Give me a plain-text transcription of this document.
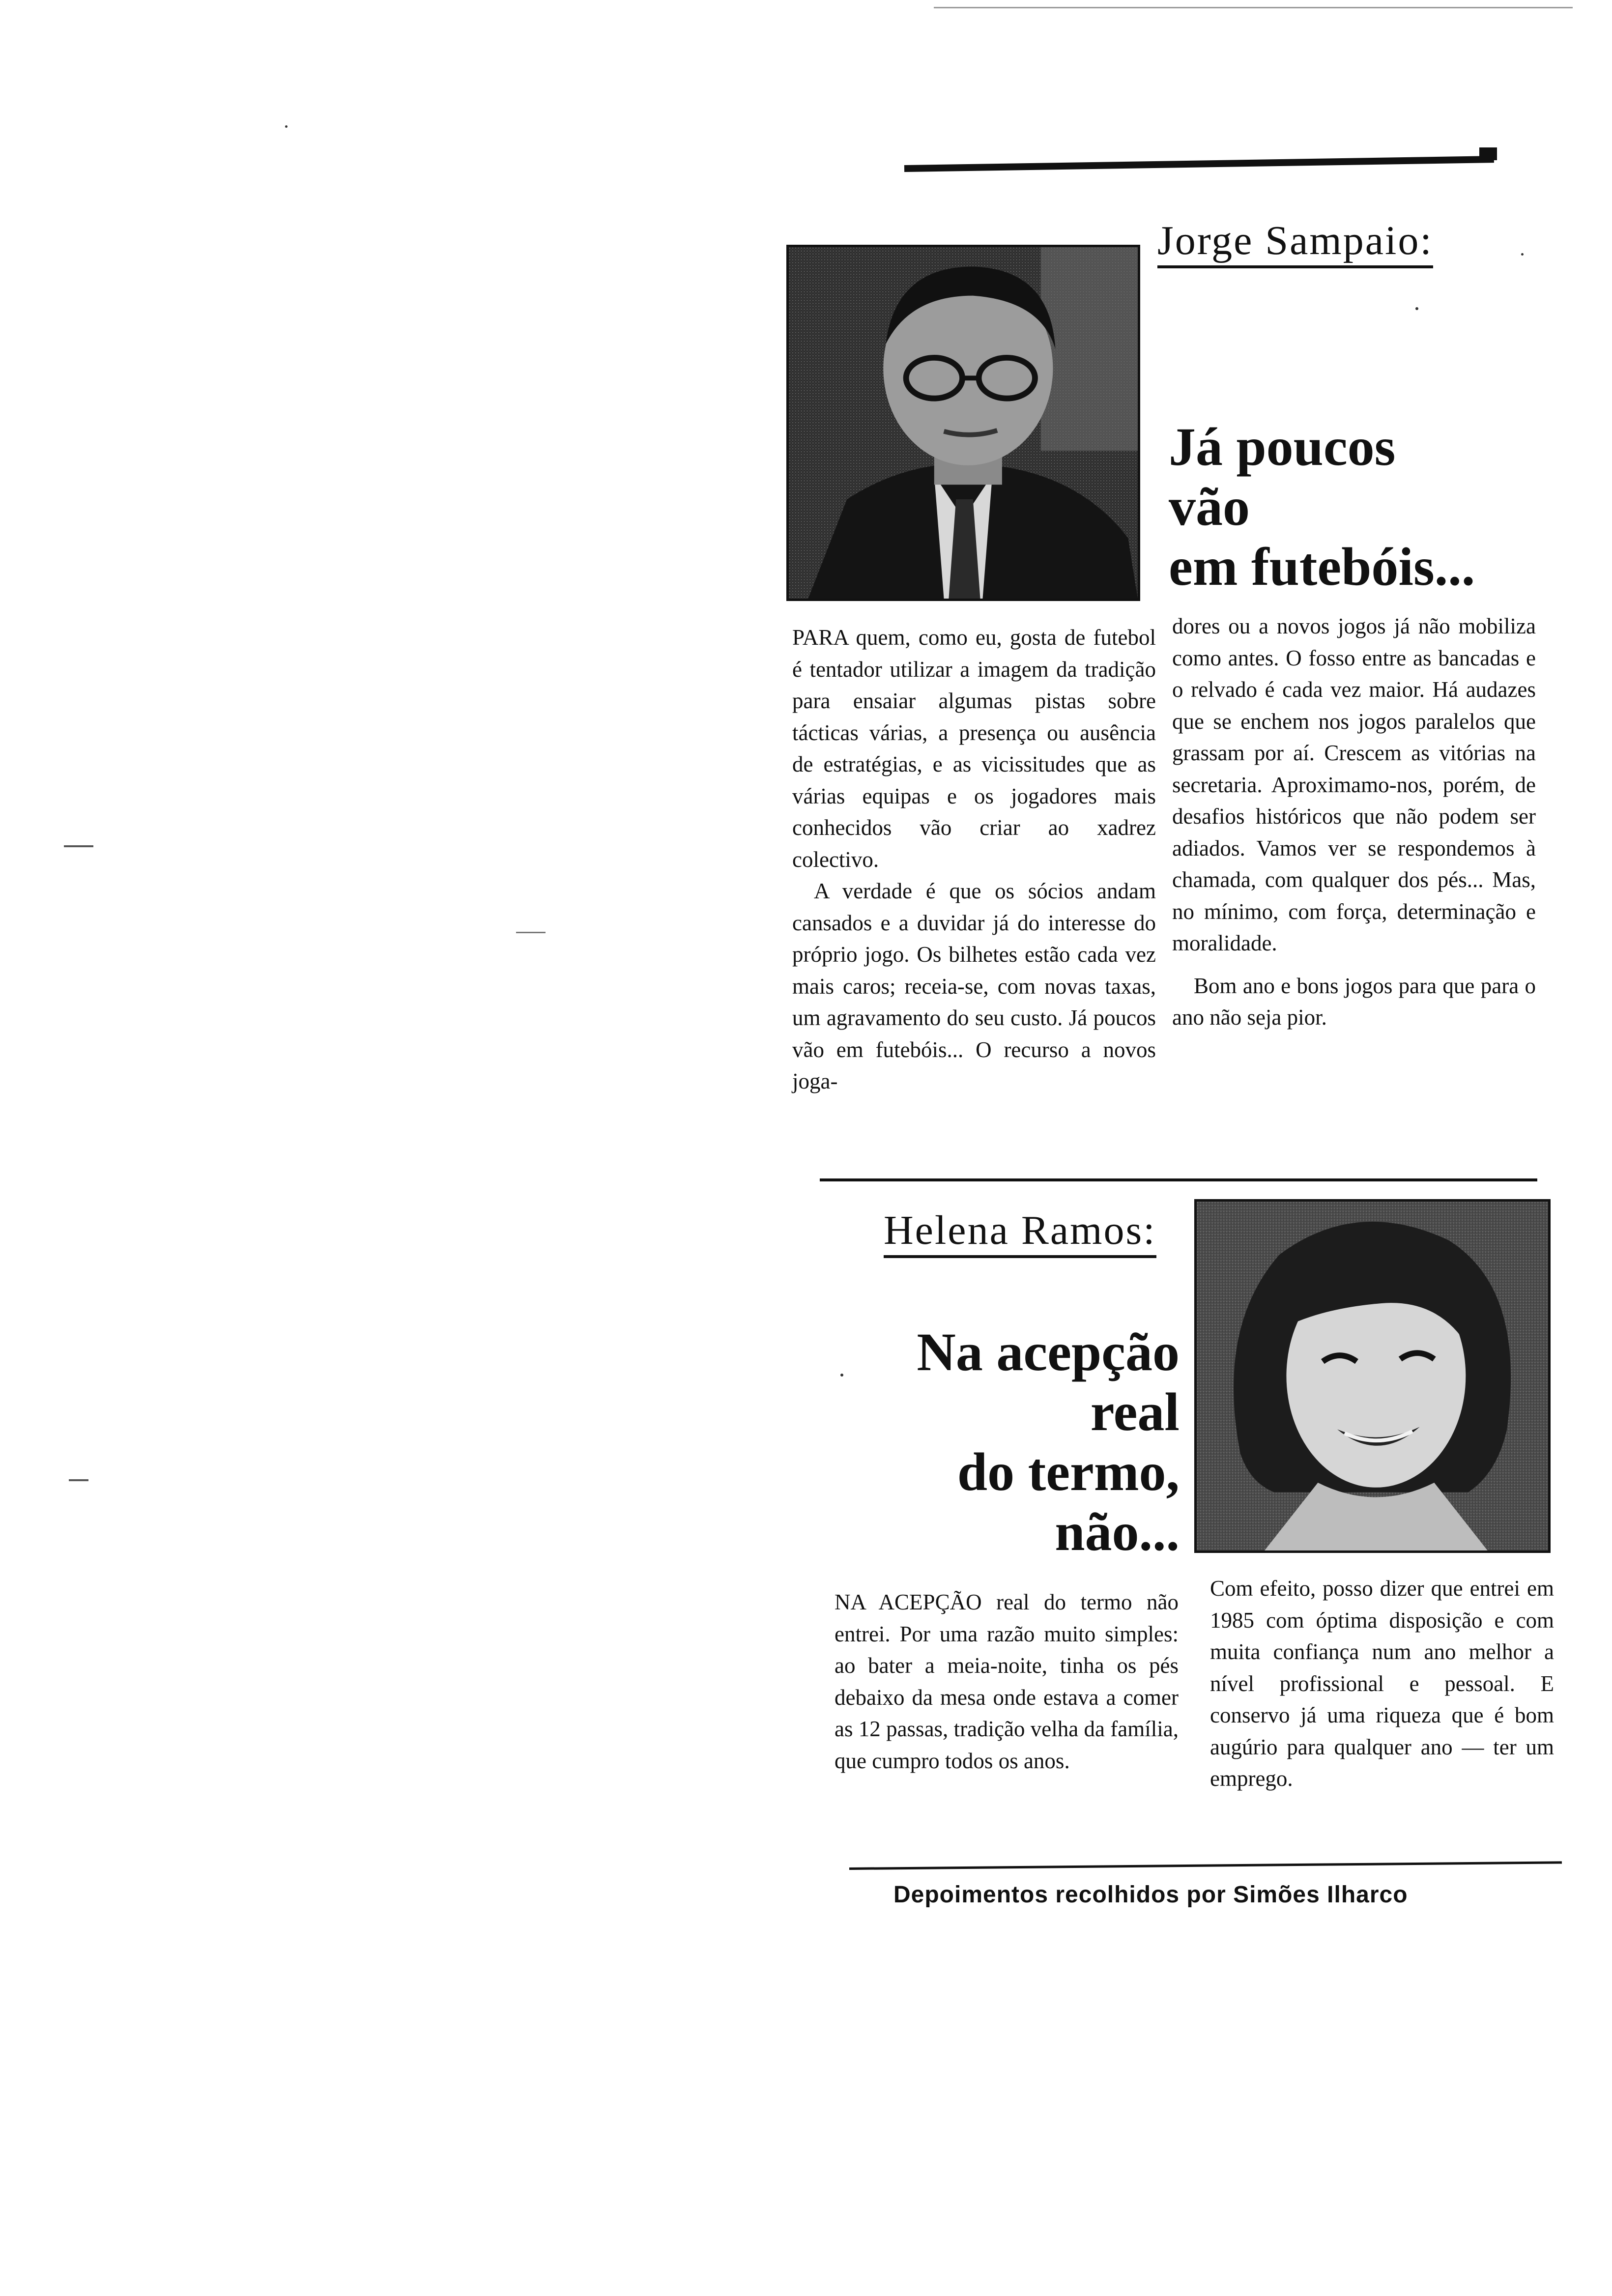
Jorge Sampaio:
Já poucos
vão
em futebóis...

PARA quem, como eu, gosta de futebol é tentador utilizar a imagem da tradição para ensaiar algumas pistas sobre tácticas várias, a presença ou ausência de estratégias, e as vicissitudes que as várias equipas e os jogadores mais conhecidos vão criar ao xadrez colectivo.

A verdade é que os sócios andam cansados e a duvidar já do interesse do próprio jogo. Os bilhetes estão cada vez mais caros; receia-se, com novas taxas, um agravamento do seu custo. Já poucos vão em futebóis... O recurso a novos joga-

dores ou a novos jogos já não mobiliza como antes. O fosso entre as bancadas e o relvado é cada vez maior. Há audazes que se enchem nos jogos paralelos que grassam por aí. Crescem as vitórias na secretaria. Aproximamo-nos, porém, de desafios históricos que não podem ser adiados. Vamos ver se respondemos à chamada, com qualquer dos pés... Mas, no mínimo, com força, determinação e moralidade.

Bom ano e bons jogos para que para o ano não seja pior.

Helena Ramos:
Na acepção
real
do termo,
não...

NA ACEPÇÃO real do termo não entrei. Por uma razão muito simples: ao bater a meia-noite, tinha os pés debaixo da mesa onde estava a comer as 12 passas, tradição velha da família, que cumpro todos os anos.

Com efeito, posso dizer que entrei em 1985 com óptima disposição e com muita confiança num ano melhor a nível profissional e pessoal. E conservo já uma riqueza que é bom augúrio para qualquer ano — ter um emprego.

Depoimentos recolhidos por Simões Ilharco
